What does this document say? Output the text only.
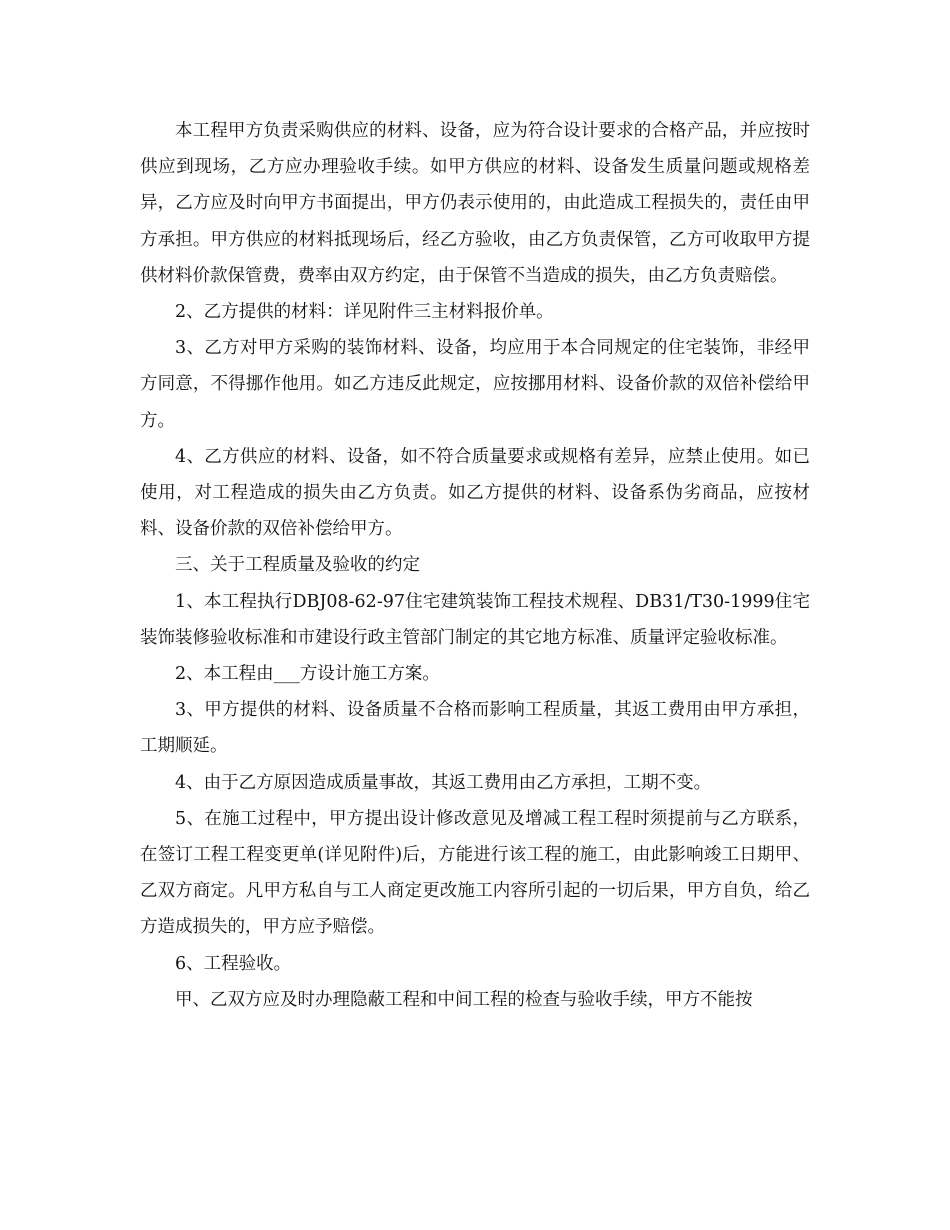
本工程甲方负责采购供应的材料、设备，应为符合设计要求的合格产品，并应按时供应到现场，乙方应办理验收手续。如甲方供应的材料、设备发生质量问题或规格差异，乙方应及时向甲方书面提出，甲方仍表示使用的，由此造成工程损失的，责任由甲方承担。甲方供应的材料抵现场后，经乙方验收，由乙方负责保管，乙方可收取甲方提供材料价款保管费，费率由双方约定，由于保管不当造成的损失，由乙方负责赔偿。

2、乙方提供的材料：详见附件三主材料报价单。

3、乙方对甲方采购的装饰材料、设备，均应用于本合同规定的住宅装饰，非经甲方同意，不得挪作他用。如乙方违反此规定，应按挪用材料、设备价款的双倍补偿给甲方。

4、乙方供应的材料、设备，如不符合质量要求或规格有差异，应禁止使用。如已使用，对工程造成的损失由乙方负责。如乙方提供的材料、设备系伪劣商品，应按材料、设备价款的双倍补偿给甲方。

三、关于工程质量及验收的约定

1、本工程执行DBJ08-62-97住宅建筑装饰工程技术规程、DB31/T30-1999住宅装饰装修验收标准和市建设行政主管部门制定的其它地方标准、质量评定验收标准。

2、本工程由___方设计施工方案。

3、甲方提供的材料、设备质量不合格而影响工程质量，其返工费用由甲方承担，工期顺延。

4、由于乙方原因造成质量事故，其返工费用由乙方承担，工期不变。

5、在施工过程中，甲方提出设计修改意见及增减工程工程时须提前与乙方联系，在签订工程工程变更单(详见附件)后，方能进行该工程的施工，由此影响竣工日期甲、乙双方商定。凡甲方私自与工人商定更改施工内容所引起的一切后果，甲方自负，给乙方造成损失的，甲方应予赔偿。

6、工程验收。

甲、乙双方应及时办理隐蔽工程和中间工程的检查与验收手续，甲方不能按
